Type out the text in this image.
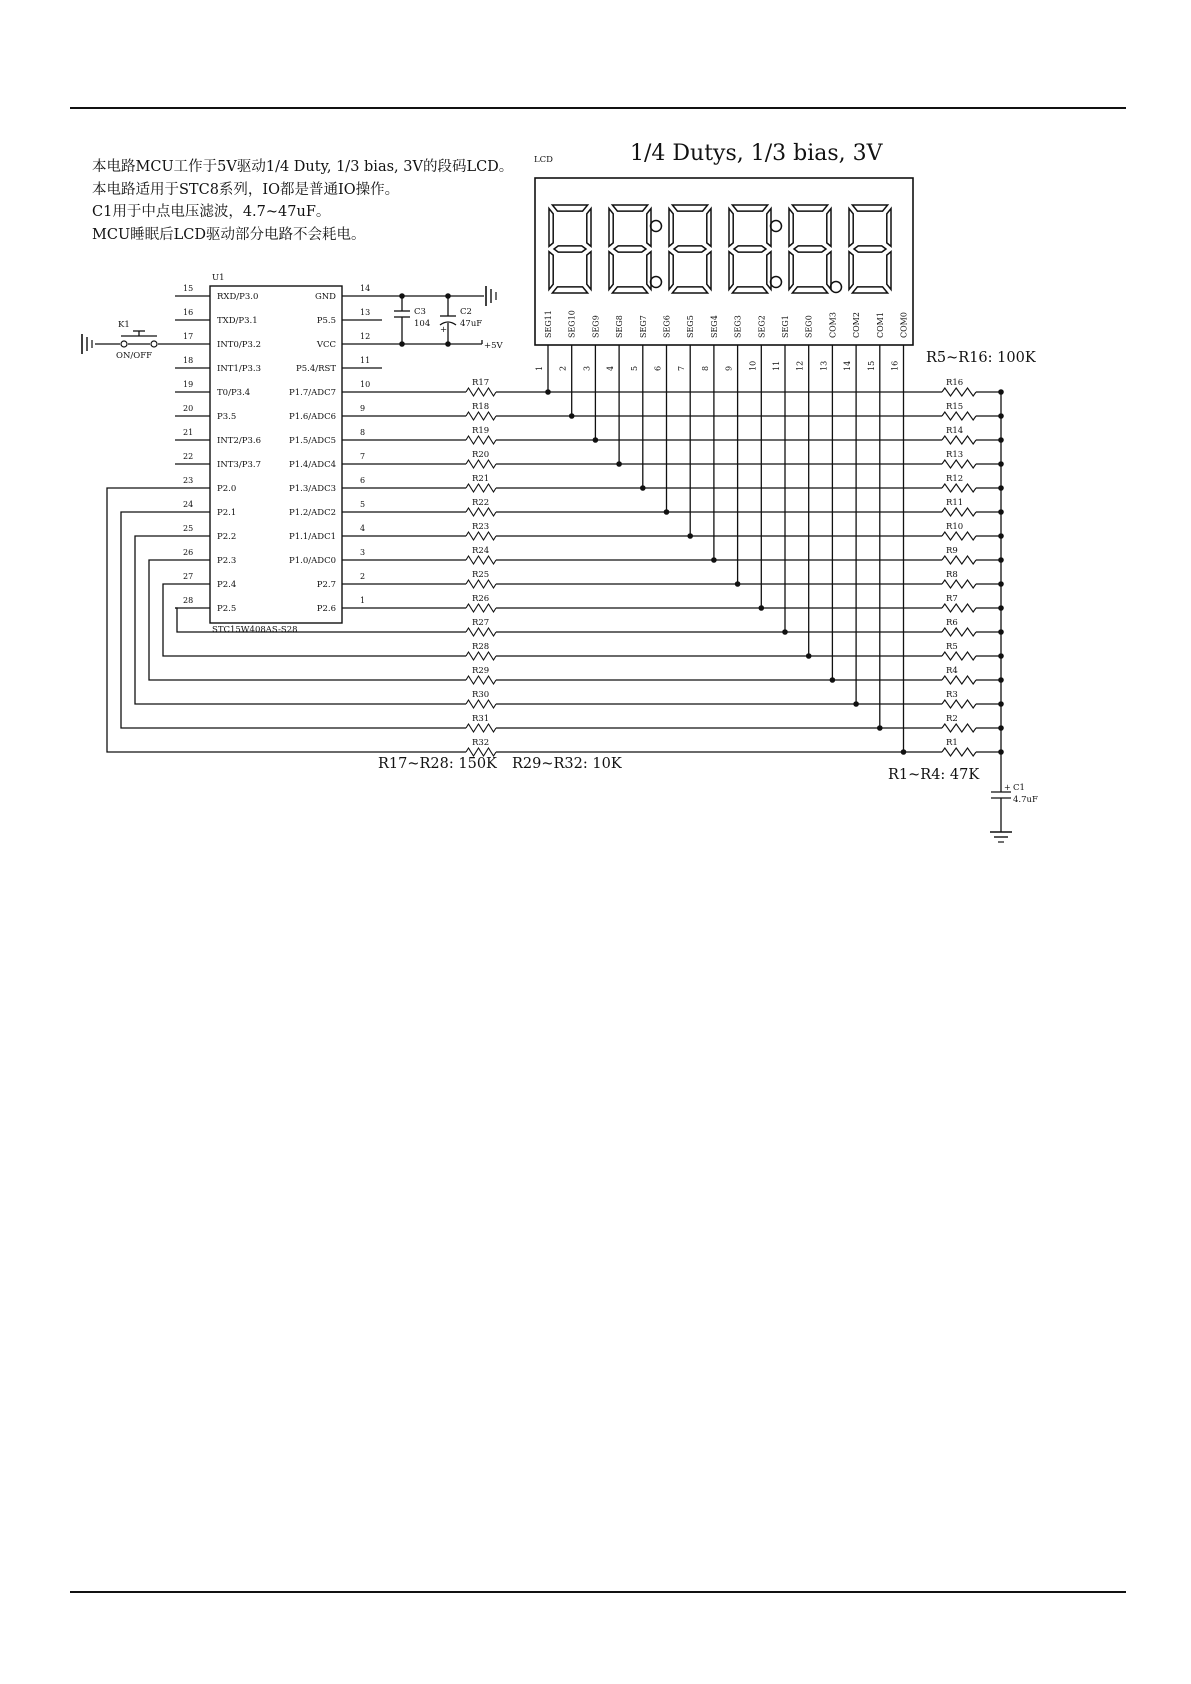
本电路MCU工作于5V驱动1/4 Duty, 1/3 bias, 3V的段码LCD。
本电路适用于STC8系列，IO都是普通IO操作。
C1用于中点电压滤波，4.7~47uF。
MCU睡眠后LCD驱动部分电路不会耗电。
LCD	1/4 Dutys, 1/3 bias, 3V
SEG11
1
SEG10
2
SEG9
3
SEG8
4
SEG7
5
SEG6
6
SEG5
7
SEG4
8
SEG3
9
SEG2
10
SEG1
11
SEG0
12
COM3
13
COM2
14
COM1
15
COM0
16
U1
STC15W408AS-S28
15
RXD/P3.0
16
TXD/P3.1
17
INT0/P3.2
18
INT1/P3.3
19
T0/P3.4
20
P3.5
21
INT2/P3.6
22
INT3/P3.7
23
P2.0
24
P2.1
25
P2.2
26
P2.3
27
P2.4
28
P2.5
14
GND
13
P5.5
12
VCC
11
P5.4/RST
10
P1.7/ADC7
9
P1.6/ADC6
8
P1.5/ADC5
7
P1.4/ADC4
6
P1.3/ADC3
5
P1.2/ADC2
4
P1.1/ADC1
3
P1.0/ADC0
2
P2.7
1
P2.6
+5V
C3
104
+
C2
47uF
K1
ON/OFF
R17	R16
R18	R15
R19	R14
R20	R13
R21	R12
R22	R11
R23	R10
R24	R9
R25	R8
R26	R7
R27	R6
R28	R5
R29	R4
R30	R3
R31	R2
R32	R1
+ C1
4.7uF
R5~R16: 100K
R17~R28: 150K R29~R32: 10K
R1~R4: 47K
